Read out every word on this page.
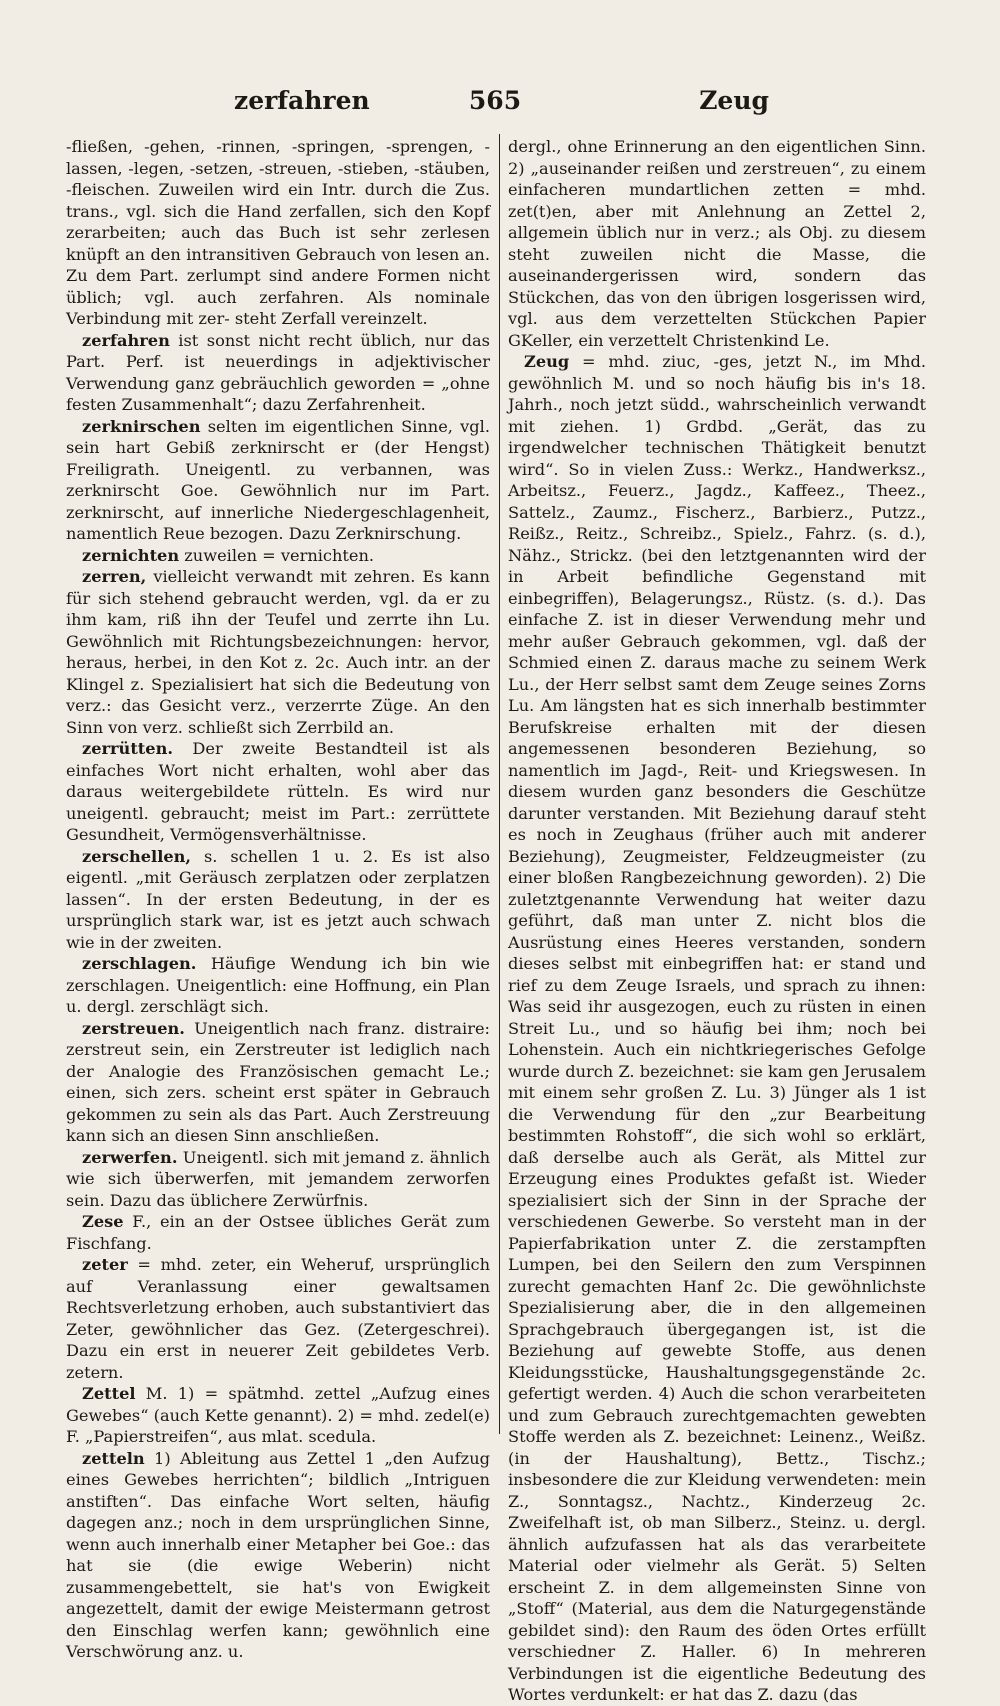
zerfahren	565	Zeug

-fließen, -gehen, -rinnen, -springen, -sprengen, -lassen, -legen, -setzen, -streuen, -stieben, -stäuben, -fleischen. Zuweilen wird ein Intr. durch die Zus. trans., vgl. sich die Hand zerfallen, sich den Kopf zerarbeiten; auch das Buch ist sehr zerlesen knüpft an den intransitiven Gebrauch von lesen an. Zu dem Part. zerlumpt sind andere Formen nicht üblich; vgl. auch zerfahren. Als nominale Verbindung mit zer- steht Zerfall vereinzelt.

zerfahren ist sonst nicht recht üblich, nur das Part. Perf. ist neuerdings in adjektivischer Verwendung ganz gebräuchlich geworden = „ohne festen Zusammenhalt“; dazu Zerfahrenheit.

zerknirschen selten im eigentlichen Sinne, vgl. sein hart Gebiß zerknirscht er (der Hengst) Freiligrath. Uneigentl. zu verbannen, was zerknirscht Goe. Gewöhnlich nur im Part. zerknirscht, auf innerliche Niedergeschlagenheit, namentlich Reue bezogen. Dazu Zerknirschung.

zernichten zuweilen = vernichten.

zerren, vielleicht verwandt mit zehren. Es kann für sich stehend gebraucht werden, vgl. da er zu ihm kam, riß ihn der Teufel und zerrte ihn Lu. Gewöhnlich mit Richtungsbezeichnungen: hervor, heraus, herbei, in den Kot z. 2c. Auch intr. an der Klingel z. Spezialisiert hat sich die Bedeutung von verz.: das Gesicht verz., verzerrte Züge. An den Sinn von verz. schließt sich Zerrbild an.

zerrütten. Der zweite Bestandteil ist als einfaches Wort nicht erhalten, wohl aber das daraus weitergebildete rütteln. Es wird nur uneigentl. gebraucht; meist im Part.: zerrüttete Gesundheit, Vermögensverhältnisse.

zerschellen, s. schellen 1 u. 2. Es ist also eigentl. „mit Geräusch zerplatzen oder zerplatzen lassen“. In der ersten Bedeutung, in der es ursprünglich stark war, ist es jetzt auch schwach wie in der zweiten.

zerschlagen. Häufige Wendung ich bin wie zerschlagen. Uneigentlich: eine Hoffnung, ein Plan u. dergl. zerschlägt sich.

zerstreuen. Uneigentlich nach franz. distraire: zerstreut sein, ein Zerstreuter ist lediglich nach der Analogie des Französischen gemacht Le.; einen, sich zers. scheint erst später in Gebrauch gekommen zu sein als das Part. Auch Zerstreuung kann sich an diesen Sinn anschließen.

zerwerfen. Uneigentl. sich mit jemand z. ähnlich wie sich überwerfen, mit jemandem zerworfen sein. Dazu das üblichere Zerwürfnis.

Zese F., ein an der Ostsee übliches Gerät zum Fischfang.

zeter = mhd. zeter, ein Weheruf, ursprünglich auf Veranlassung einer gewaltsamen Rechtsverletzung erhoben, auch substantiviert das Zeter, gewöhnlicher das Gez. (Zetergeschrei). Dazu ein erst in neuerer Zeit gebildetes Verb. zetern.

Zettel M. 1) = spätmhd. zettel „Aufzug eines Gewebes“ (auch Kette genannt). 2) = mhd. zedel(e) F. „Papierstreifen“, aus mlat. scedula.

zetteln 1) Ableitung aus Zettel 1 „den Aufzug eines Gewebes herrichten“; bildlich „Intriguen anstiften“. Das einfache Wort selten, häufig dagegen anz.; noch in dem ursprünglichen Sinne, wenn auch innerhalb einer Metapher bei Goe.: das hat sie (die ewige Weberin) nicht zusammengebettelt, sie hat's von Ewigkeit angezettelt, damit der ewige Meistermann getrost den Einschlag werfen kann; gewöhnlich eine Verschwörung anz. u.

dergl., ohne Erinnerung an den eigentlichen Sinn. 2) „auseinander reißen und zerstreuen“, zu einem einfacheren mundartlichen zetten = mhd. zet(t)en, aber mit Anlehnung an Zettel 2, allgemein üblich nur in verz.; als Obj. zu diesem steht zuweilen nicht die Masse, die auseinandergerissen wird, sondern das Stückchen, das von den übrigen losgerissen wird, vgl. aus dem verzettelten Stückchen Papier GKeller, ein verzettelt Christenkind Le.

Zeug = mhd. ziuc, -ges, jetzt N., im Mhd. gewöhnlich M. und so noch häufig bis in's 18. Jahrh., noch jetzt südd., wahrscheinlich verwandt mit ziehen. 1) Grdbd. „Gerät, das zu irgendwelcher technischen Thätigkeit benutzt wird“. So in vielen Zuss.: Werkz., Handwerksz., Arbeitsz., Feuerz., Jagdz., Kaffeez., Theez., Sattelz., Zaumz., Fischerz., Barbierz., Putzz., Reißz., Reitz., Schreibz., Spielz., Fahrz. (s. d.), Nähz., Strickz. (bei den letztgenannten wird der in Arbeit befindliche Gegenstand mit einbegriffen), Belagerungsz., Rüstz. (s. d.). Das einfache Z. ist in dieser Verwendung mehr und mehr außer Gebrauch gekommen, vgl. daß der Schmied einen Z. daraus mache zu seinem Werk Lu., der Herr selbst samt dem Zeuge seines Zorns Lu. Am längsten hat es sich innerhalb bestimmter Berufskreise erhalten mit der diesen angemessenen besonderen Beziehung, so namentlich im Jagd-, Reit- und Kriegswesen. In diesem wurden ganz besonders die Geschütze darunter verstanden. Mit Beziehung darauf steht es noch in Zeughaus (früher auch mit anderer Beziehung), Zeugmeister, Feldzeugmeister (zu einer bloßen Rangbezeichnung geworden). 2) Die zuletztgenannte Verwendung hat weiter dazu geführt, daß man unter Z. nicht blos die Ausrüstung eines Heeres verstanden, sondern dieses selbst mit einbegriffen hat: er stand und rief zu dem Zeuge Israels, und sprach zu ihnen: Was seid ihr ausgezogen, euch zu rüsten in einen Streit Lu., und so häufig bei ihm; noch bei Lohenstein. Auch ein nichtkriegerisches Gefolge wurde durch Z. bezeichnet: sie kam gen Jerusalem mit einem sehr großen Z. Lu. 3) Jünger als 1 ist die Verwendung für den „zur Bearbeitung bestimmten Rohstoff“, die sich wohl so erklärt, daß derselbe auch als Gerät, als Mittel zur Erzeugung eines Produktes gefaßt ist. Wieder spezialisiert sich der Sinn in der Sprache der verschiedenen Gewerbe. So versteht man in der Papierfabrikation unter Z. die zerstampften Lumpen, bei den Seilern den zum Verspinnen zurecht gemachten Hanf 2c. Die gewöhnlichste Spezialisierung aber, die in den allgemeinen Sprachgebrauch übergegangen ist, ist die Beziehung auf gewebte Stoffe, aus denen Kleidungsstücke, Haushaltungsgegenstände 2c. gefertigt werden. 4) Auch die schon verarbeiteten und zum Gebrauch zurechtgemachten gewebten Stoffe werden als Z. bezeichnet: Leinenz., Weißz. (in der Haushaltung), Bettz., Tischz.; insbesondere die zur Kleidung verwendeten: mein Z., Sonntagsz., Nachtz., Kinderzeug 2c. Zweifelhaft ist, ob man Silberz., Steinz. u. dergl. ähnlich aufzufassen hat als das verarbeitete Material oder vielmehr als Gerät. 5) Selten erscheint Z. in dem allgemeinsten Sinne von „Stoff“ (Material, aus dem die Naturgegenstände gebildet sind): den Raum des öden Ortes erfüllt verschiedner Z. Haller. 6) In mehreren Verbindungen ist die eigentliche Bedeutung des Wortes verdunkelt: er hat das Z. dazu (das
